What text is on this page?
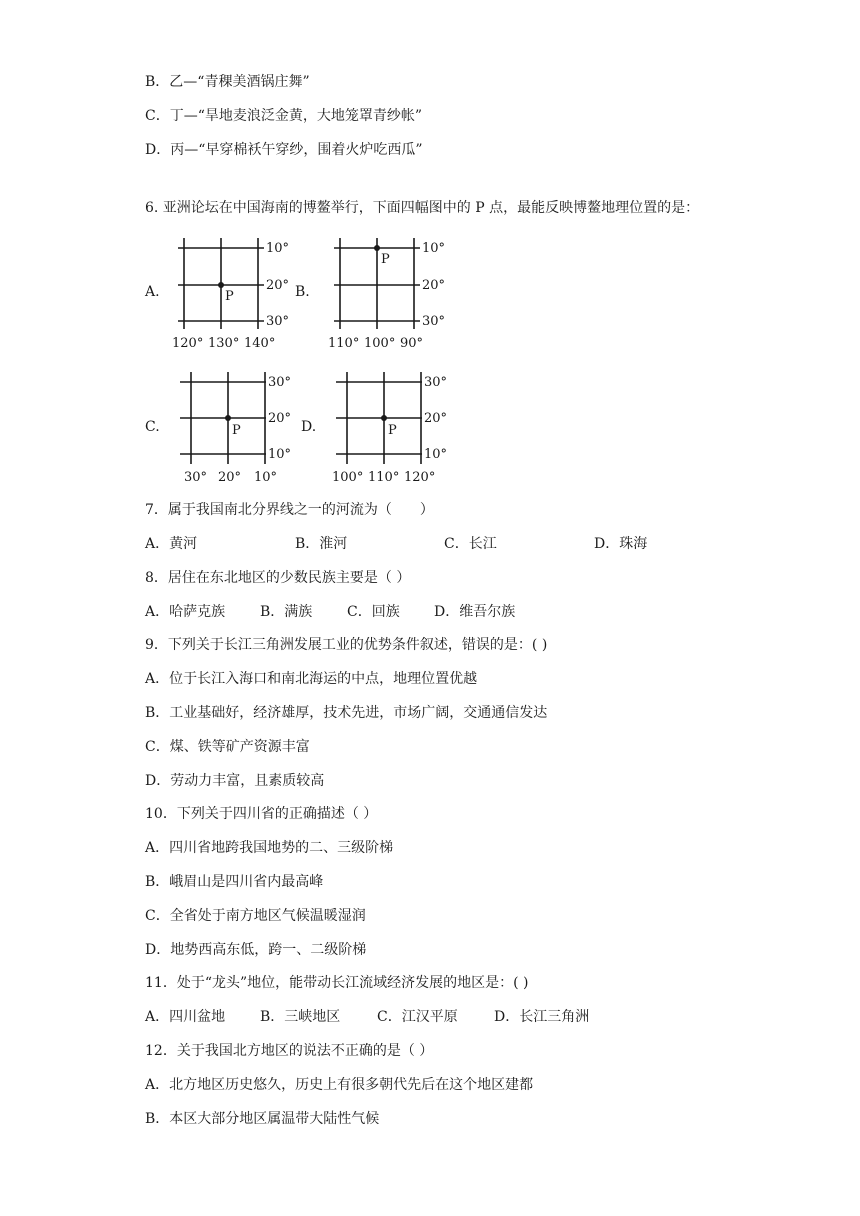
B．乙—“青稞美酒锅庄舞”
C．丁—“旱地麦浪泛金黄，大地笼罩青纱帐”
D．丙—“早穿棉袄午穿纱，围着火炉吃西瓜”
6. 亚洲论坛在中国海南的博鳌举行，下面四幅图中的 P 点，最能反映博鳌地理位置的是：
A.	P
10°
20°
30°
120° 130° 140°
B.
P
10°
20°
30°
110° 100° 90°
C.	P
30°
20°
10°
30° 20° 10°
D.	P
30°
20°
10°
100° 110° 120°
7．属于我国南北分界线之一的河流为（　　）
A．黄河	B．淮河	C．长江	D．珠海
8．居住在东北地区的少数民族主要是（ ）
A．哈萨克族 B．满族 C．回族 D．维吾尔族
9．下列关于长江三角洲发展工业的优势条件叙述，错误的是：( )
A．位于长江入海口和南北海运的中点，地理位置优越
B．工业基础好，经济雄厚，技术先进，市场广阔，交通通信发达
C．煤、铁等矿产资源丰富
D．劳动力丰富，且素质较高
10．下列关于四川省的正确描述（ ）
A．四川省地跨我国地势的二、三级阶梯
B．峨眉山是四川省内最高峰
C．全省处于南方地区气候温暖湿润
D．地势西高东低，跨一、二级阶梯
11．处于“龙头”地位，能带动长江流域经济发展的地区是：( )
A．四川盆地 B．三峡地区	C．江汉平原	D．长江三角洲
12．关于我国北方地区的说法不正确的是（ ）
A．北方地区历史悠久，历史上有很多朝代先后在这个地区建都
B．本区大部分地区属温带大陆性气候
